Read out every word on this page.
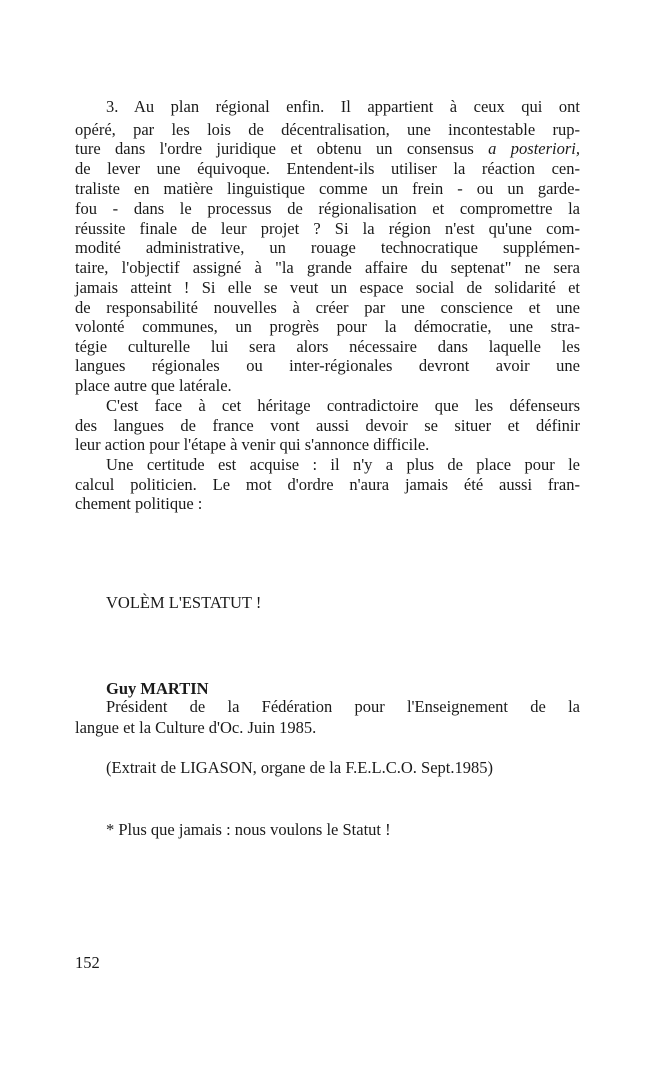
3. Au plan régional enfin. Il appartient à ceux qui ont
opéré, par les lois de décentralisation, une incontestable rup-
ture dans l'ordre juridique et obtenu un consensus a posteriori,
de lever une équivoque. Entendent-ils utiliser la réaction cen-
traliste en matière linguistique comme un frein - ou un garde-
fou - dans le processus de régionalisation et compromettre la
réussite finale de leur projet ? Si la région n'est qu'une com-
modité administrative, un rouage technocratique supplémen-
taire, l'objectif assigné à "la grande affaire du septenat" ne sera
jamais atteint ! Si elle se veut un espace social de solidarité et
de responsabilité nouvelles à créer par une conscience et une
volonté communes, un progrès pour la démocratie, une stra-
tégie culturelle lui sera alors nécessaire dans laquelle les
langues régionales ou inter-régionales devront avoir une
place autre que latérale.
C'est face à cet héritage contradictoire que les défenseurs
des langues de france vont aussi devoir se situer et définir
leur action pour l'étape à venir qui s'annonce difficile.
Une certitude est acquise : il n'y a plus de place pour le
calcul politicien. Le mot d'ordre n'aura jamais été aussi fran-
chement politique :
VOLÈM L'ESTATUT !
Guy MARTIN
Président de la Fédération pour l'Enseignement de la
langue et la Culture d'Oc. Juin 1985.
(Extrait de LIGASON, organe de la F.E.L.C.O. Sept.1985)
* Plus que jamais : nous voulons le Statut !
152
